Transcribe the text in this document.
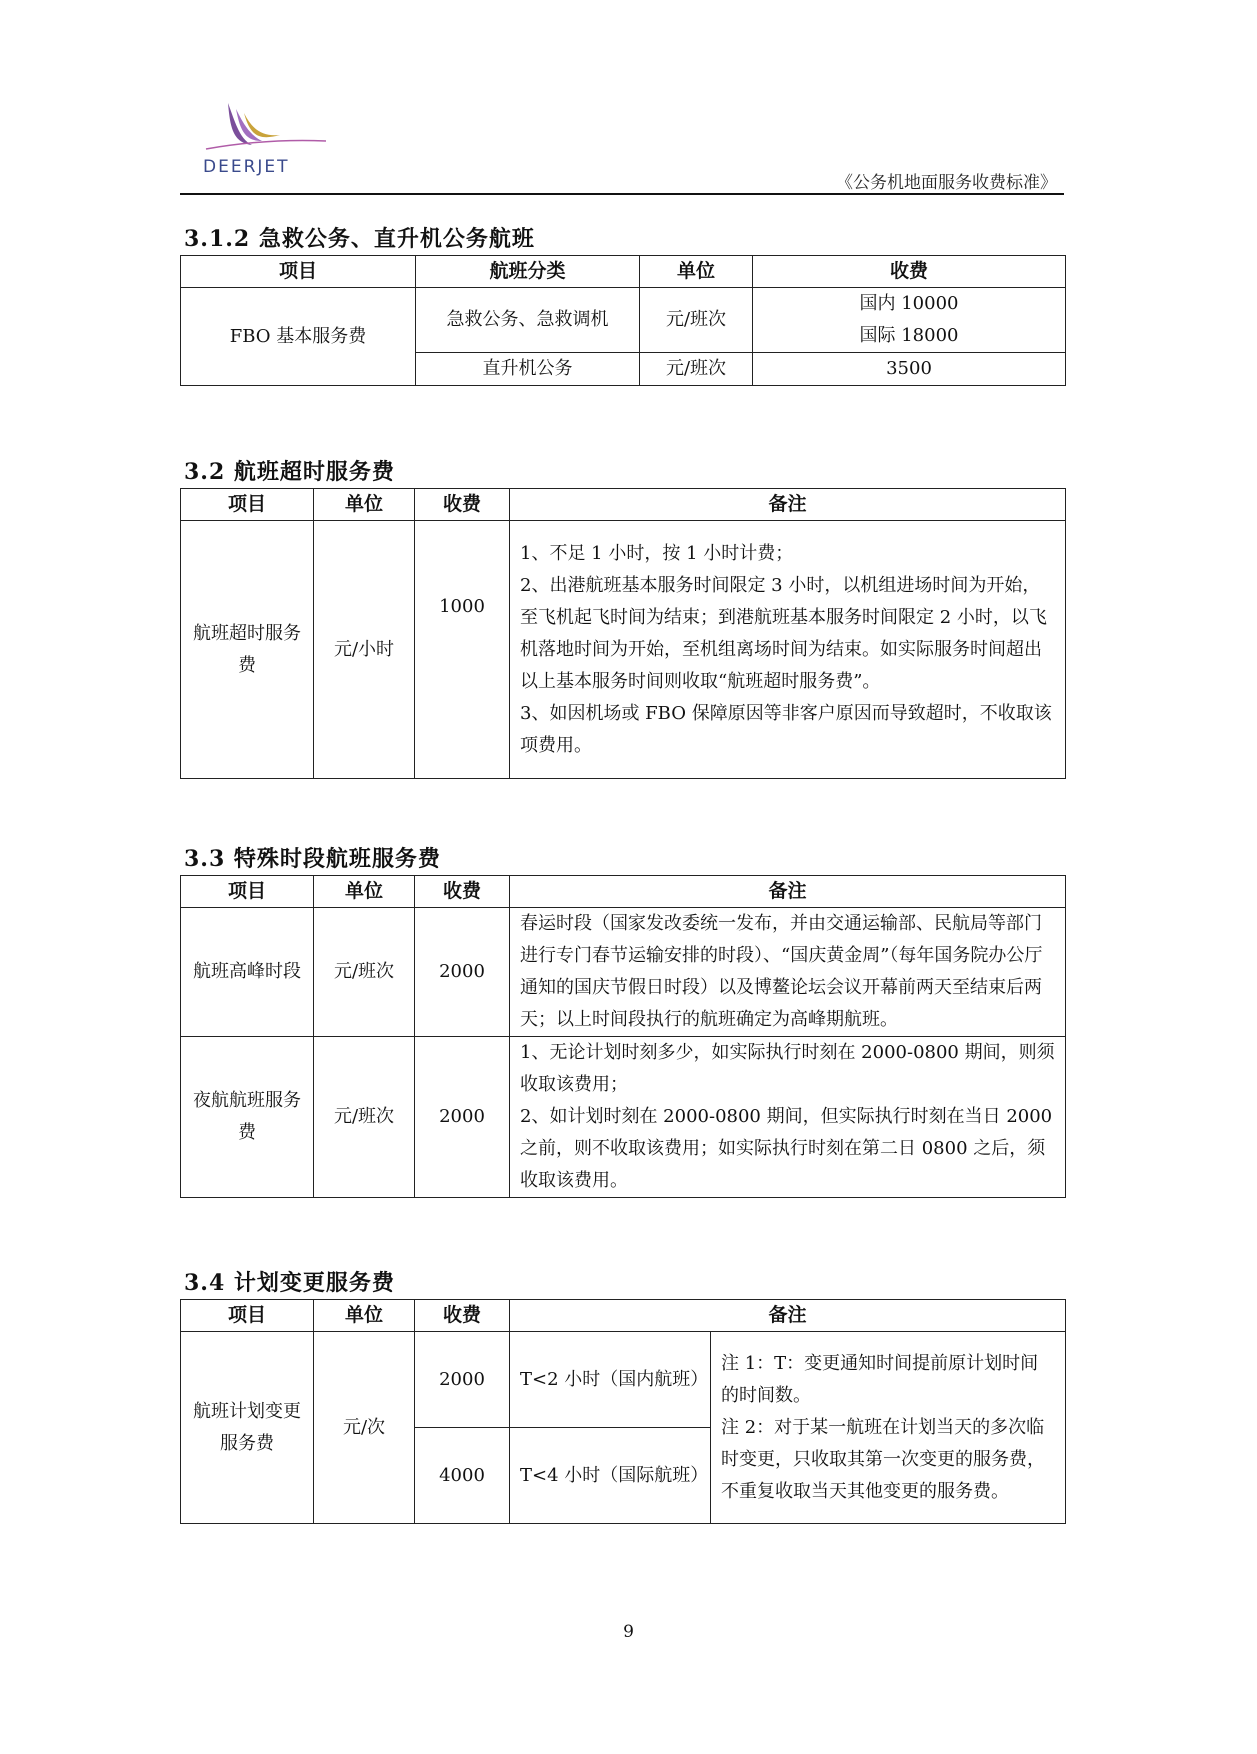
DEERJET
《公务机地面服务收费标准》
3.1.2 急救公务、直升机公务航班
项目	航班分类	单位	收费
FBO 基本服务费	急救公务、急救调机	元/班次	国内 10000
国际 18000

	直升机公务	元/班次	3500
3.2 航班超时服务费
项目	单位	收费	备注
航班超时服务费	元/小时	1000	1、不足 1 小时，按 1 小时计费；
2、出港航班基本服务时间限定 3 小时，以机组进场时间为开始，至飞机起飞时间为结束；到港航班基本服务时间限定 2 小时，以飞机落地时间为开始，至机组离场时间为结束。如实际服务时间超出以上基本服务时间则收取“航班超时服务费”。
3、如因机场或 FBO 保障原因等非客户原因而导致超时，不收取该项费用。
3.3 特殊时段航班服务费
项目	单位	收费	备注
航班高峰时段	元/班次	2000	春运时段（国家发改委统一发布，并由交通运输部、民航局等部门进行专门春节运输安排的时段）、“国庆黄金周”（每年国务院办公厅通知的国庆节假日时段）以及博鳌论坛会议开幕前两天至结束后两天；以上时间段执行的航班确定为高峰期航班。

夜航航班服务费	元/班次	2000	1、无论计划时刻多少，如实际执行时刻在 2000-0800 期间，则须收取该费用；
2、如计划时刻在 2000-0800 期间，但实际执行时刻在当日 2000 之前，则不收取该费用；如实际执行时刻在第二日 0800 之后，须收取该费用。
3.4 计划变更服务费
项目	单位	收费	备注	
航班计划变更服务费	元/次	2000	T<2 小时（国内航班）	注 1：T：变更通知时间提前原计划时间的时间数。
注 2：对于某一航班在计划当天的多次临时变更，只收取其第一次变更的服务费，不重复收取当天其他变更的服务费。

		4000	T<4 小时（国际航班）	
9
